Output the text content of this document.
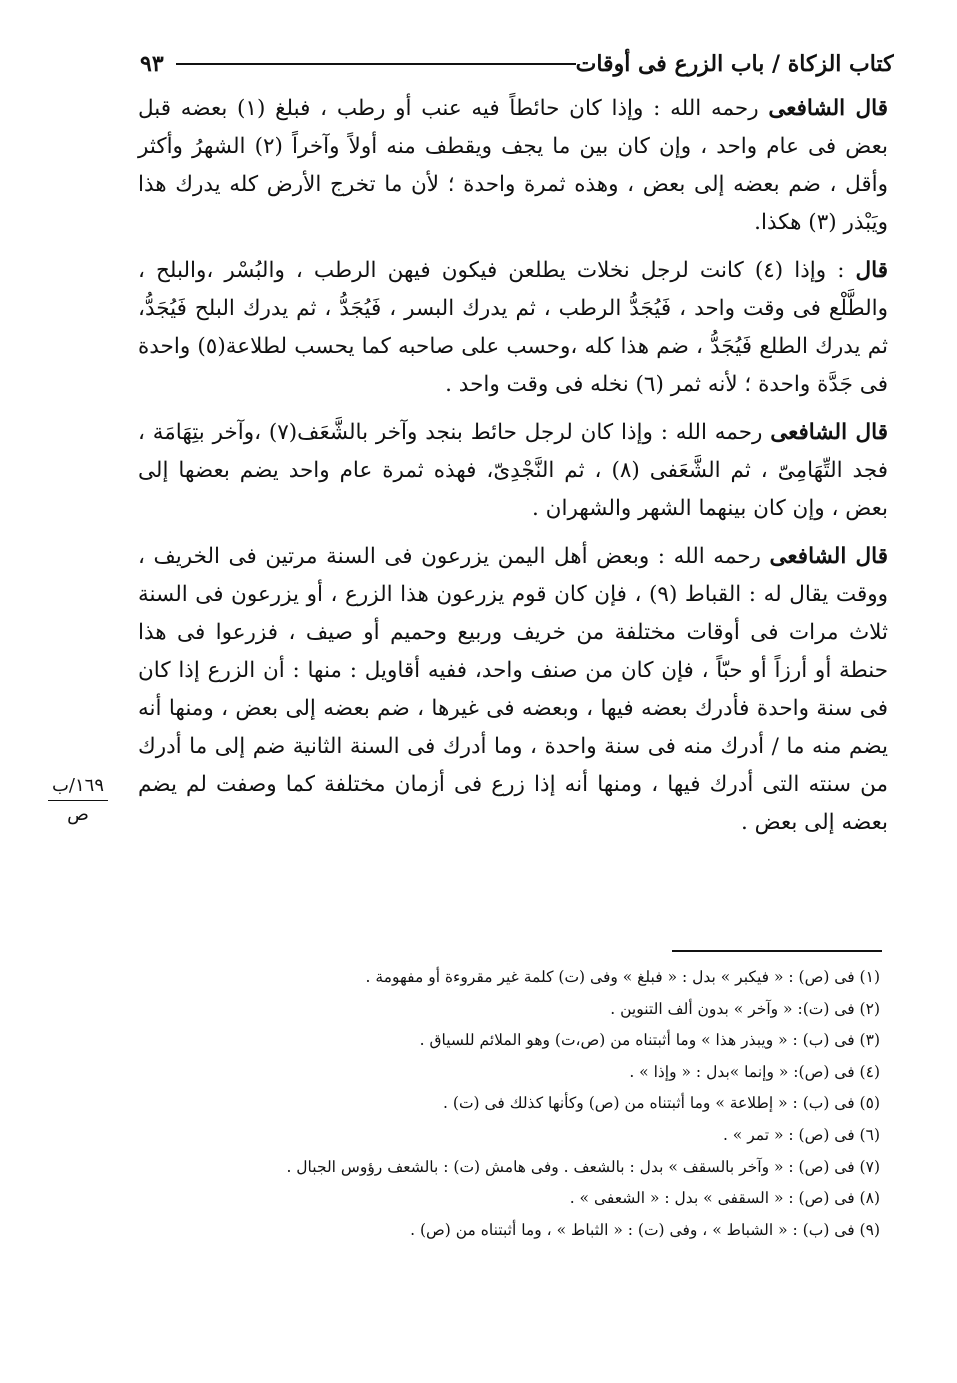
٩٣	كتاب الزكاة / باب الزرع فى أوقات

قال الشافعى رحمه الله : وإذا كان حائطاً فيه عنب أو رطب ، فبلغ (١) بعضه قبل بعض فى عام واحد ، وإن كان بين ما يجف ويقطف منه أولاً وآخراً (٢) الشهرُ وأكثر وأقل ، ضم بعضه إلى بعض ، وهذه ثمرة واحدة ؛ لأن ما تخرج الأرض كله يدرك هذا ويَبْذر (٣) هكذا.

قال : وإذا (٤) كانت لرجل نخلات يطلعن فيكون فيهن الرطب ، والبُسْر ،والبلح ، والطَّلْع فى وقت واحد ، فَيُجَدُّ الرطب ، ثم يدرك البسر ، فَيُجَدُّ ، ثم يدرك البلح فَيُجَدُّ، ثم يدرك الطلع فَيُجَدُّ ، ضم هذا كله ،وحسب على صاحبه كما يحسب لطلاعة(٥) واحدة فى جَدَّة واحدة ؛ لأنه ثمر (٦) نخله فى وقت واحد .

قال الشافعى رحمه الله : وإذا كان لرجل حائط بنجد وآخر بالشَّعَف(٧) ،وآخر بتِهَامَة ، فجد التِّهَامِىّ ، ثم الشَّعَفى (٨) ، ثم النَّجْدِىّ، فهذه ثمرة عام واحد يضم بعضها إلى بعض ، وإن كان بينهما الشهر والشهران .

قال الشافعى رحمه الله : وبعض أهل اليمن يزرعون فى السنة مرتين فى الخريف ، ووقت يقال له : القباط (٩) ، فإن كان قوم يزرعون هذا الزرع ، أو يزرعون فى السنة ثلاث مرات فى أوقات مختلفة من خريف وربيع وحميم أو صيف ، فزرعوا فى هذا حنطة أو أرزاً أو حبّاً ، فإن كان من صنف واحد، ففيه أقاويل : منها : أن الزرع إذا كان فى سنة واحدة فأدرك بعضه فيها ، وبعضه فى غيرها ، ضم بعضه إلى بعض ، ومنها أنه يضم منه ما / أدرك منه فى سنة واحدة ، وما أدرك فى السنة الثانية ضم إلى ما أدرك من سنته التى أدرك فيها ، ومنها أنه إذا زرع فى أزمان مختلفة كما وصفت لم يضم بعضه إلى بعض .

١٦٩/ب
ص
(١) فى (ص) : « فيكبر » بدل : « فبلغ » وفى (ت) كلمة غير مقروءة أو مفهومة .
(٢) فى (ت): « وآخر » بدون ألف التنوين .
(٣) فى (ب) : « ويبذر هذا » وما أثبتناه من (ص،ت) وهو الملائم للسياق .
(٤) فى (ص): « وإنما »بدل : « وإذا » .
(٥) فى (ب) : « إطلاعة » وما أثبتناه من (ص) وكأنها كذلك فى (ت) .
(٦) فى (ص) : « تمر » .
(٧) فى (ص) : « وآخر بالسقف » بدل : بالشعف . وفى هامش (ت) : بالشعف رؤوس الجبال .
(٨) فى (ص) : « السقفى » بدل : « الشعفى » .
(٩) فى (ب) : « الشباط » ، وفى (ت) : « الثباط » ، وما أثبتناه من (ص) .
